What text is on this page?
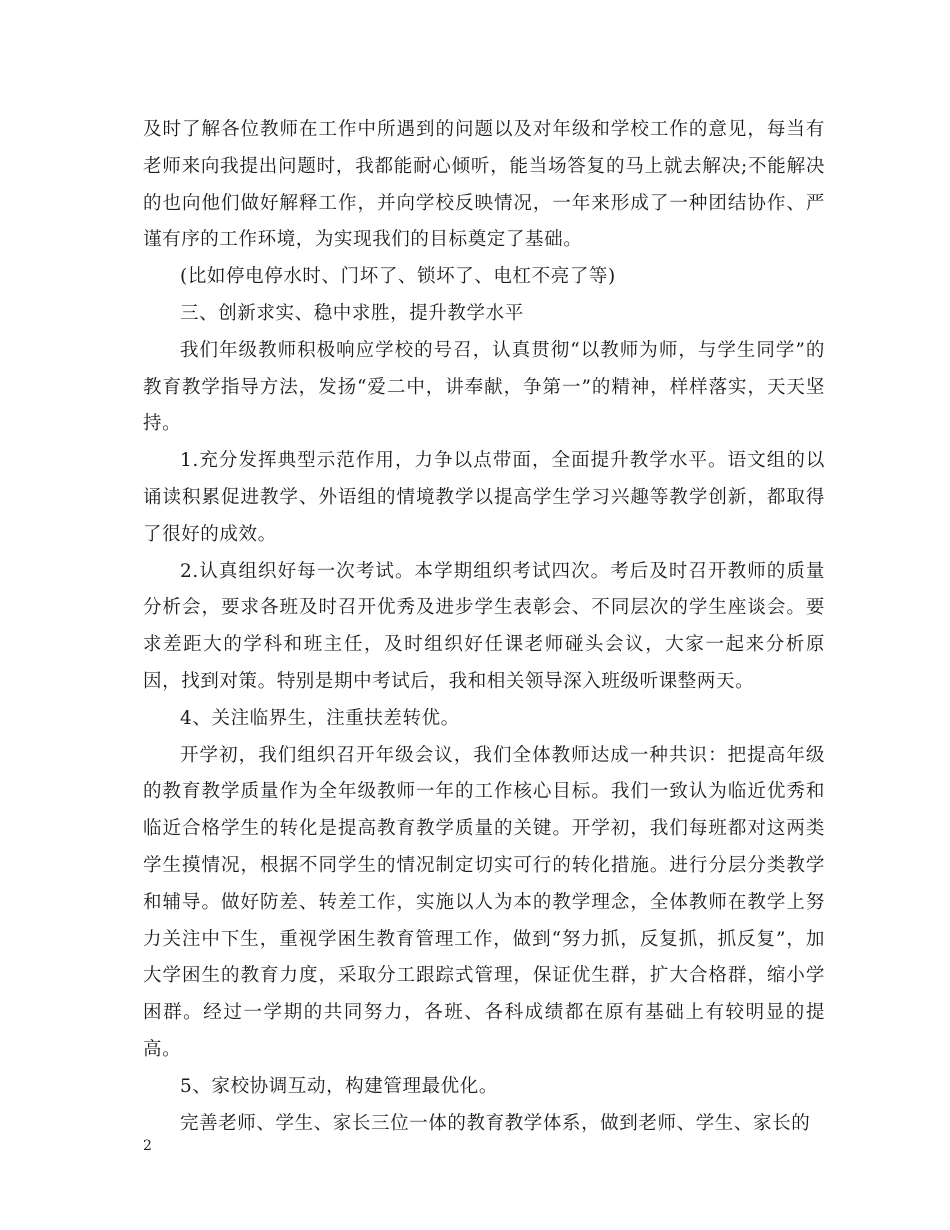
及时了解各位教师在工作中所遇到的问题以及对年级和学校工作的意见，每当有老师来向我提出问题时，我都能耐心倾听，能当场答复的马上就去解决;不能解决的也向他们做好解释工作，并向学校反映情况，一年来形成了一种团结协作、严谨有序的工作环境，为实现我们的目标奠定了基础。

(比如停电停水时、门坏了、锁坏了、电杠不亮了等)

三、创新求实、稳中求胜，提升教学水平

我们年级教师积极响应学校的号召，认真贯彻“以教师为师，与学生同学”的教育教学指导方法，发扬“爱二中，讲奉献，争第一”的精神，样样落实，天天坚持。

1.充分发挥典型示范作用，力争以点带面，全面提升教学水平。语文组的以诵读积累促进教学、外语组的情境教学以提高学生学习兴趣等教学创新，都取得了很好的成效。

2.认真组织好每一次考试。本学期组织考试四次。考后及时召开教师的质量分析会，要求各班及时召开优秀及进步学生表彰会、不同层次的学生座谈会。要求差距大的学科和班主任，及时组织好任课老师碰头会议，大家一起来分析原因，找到对策。特别是期中考试后，我和相关领导深入班级听课整两天。

4、关注临界生，注重扶差转优。

开学初，我们组织召开年级会议，我们全体教师达成一种共识：把提高年级的教育教学质量作为全年级教师一年的工作核心目标。我们一致认为临近优秀和临近合格学生的转化是提高教育教学质量的关键。开学初，我们每班都对这两类学生摸情况，根据不同学生的情况制定切实可行的转化措施。进行分层分类教学和辅导。做好防差、转差工作，实施以人为本的教学理念，全体教师在教学上努力关注中下生，重视学困生教育管理工作，做到“努力抓，反复抓，抓反复”，加大学困生的教育力度，采取分工跟踪式管理，保证优生群，扩大合格群，缩小学困群。经过一学期的共同努力，各班、各科成绩都在原有基础上有较明显的提高。

5、家校协调互动，构建管理最优化。

完善老师、学生、家长三位一体的教育教学体系，做到老师、学生、家长的

2
